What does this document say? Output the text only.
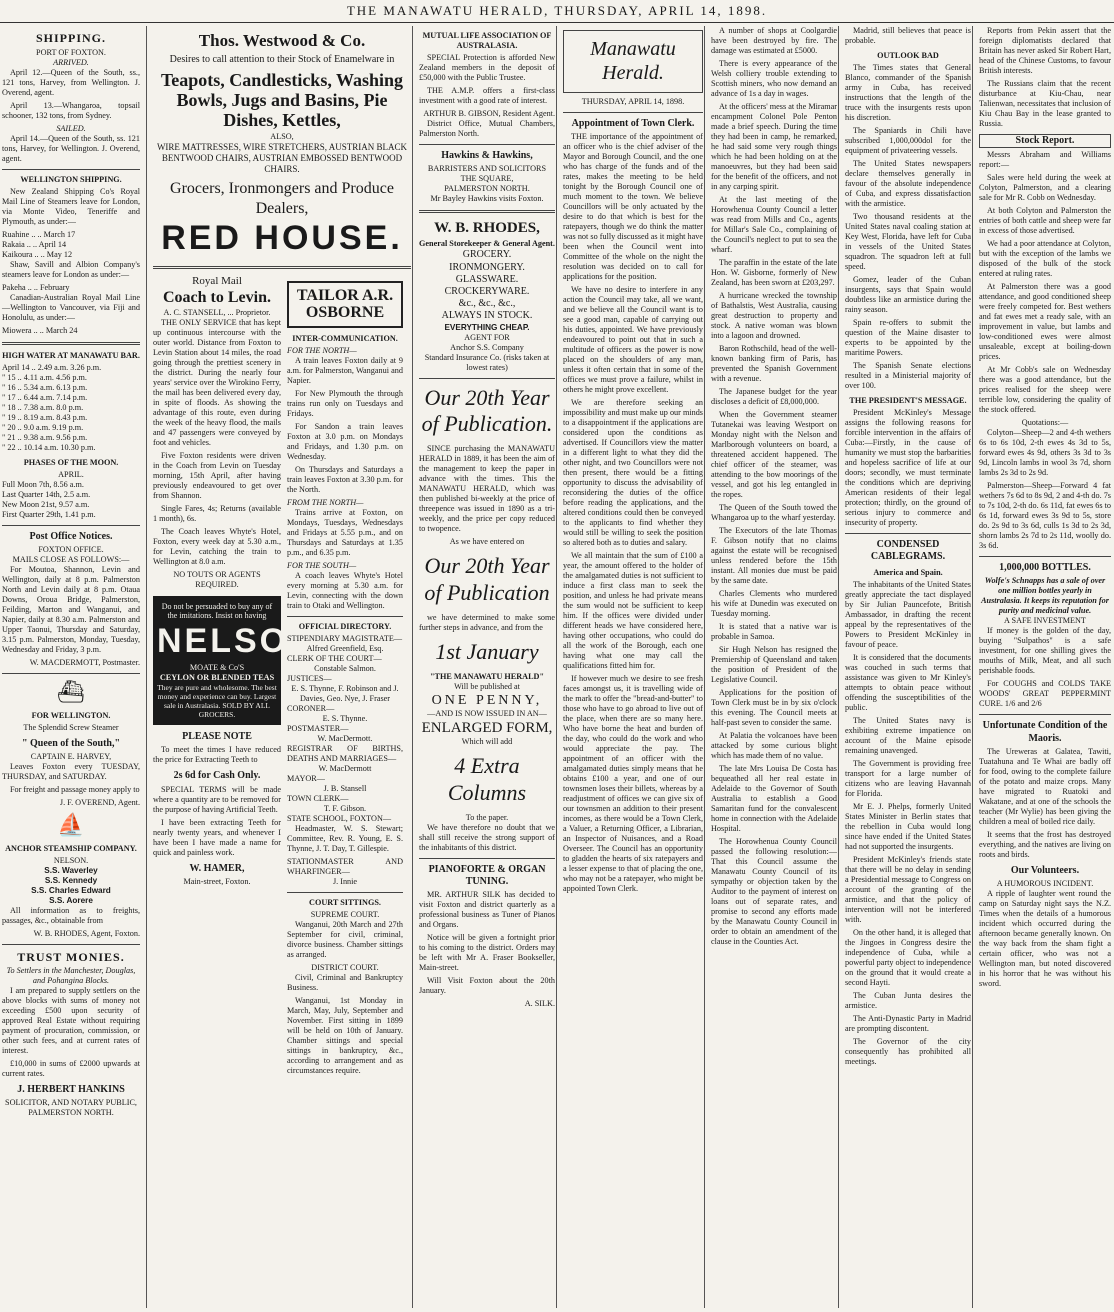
THE MANAWATU HERALD, THURSDAY, APRIL 14, 1898.
SHIPPING.
PORT OF FOXTON.
ARRIVED.
April 12.—Queen of the South, ss., 121 tons, Harvey, from Wellington. J. Overend, agent.
April 13.—Whangaroa, topsail schooner, 132 tons, from Sydney.
SAILED.
April 14.—Queen of the South, ss. 121 tons, Harvey, for Wellington. J. Overend, agent.
WELLINGTON SHIPPING.
New Zealand Shipping Co's Royal Mail Line of Steamers leave for London, via Monte Video, Teneriffe and Plymouth, as under:—
Ruahine .. .. March 17
Rakaia .. .. April 14
Kaikoura .. .. May 12
Shaw, Savill and Albion Company's steamers leave for London as under:—
Pakeha .. .. February
Canadian-Australian Royal Mail Line—Wellington to Vancouver, via Fiji and Honolulu, as under:—
Miowera .. .. March 24
HIGH WATER AT MANAWATU BAR.
April 14 .. 2.49 a.m. 3.26 p.m.
" 15 .. 4.11 a.m. 4.56 p.m.
" 16 .. 5.34 a.m. 6.13 p.m.
" 17 .. 6.44 a.m. 7.14 p.m.
" 18 .. 7.38 a.m. 8.0 p.m.
" 19 .. 8.19 a.m. 8.43 p.m.
" 20 .. 9.0 a.m. 9.19 p.m.
" 21 .. 9.38 a.m. 9.56 p.m.
" 22 .. 10.14 a.m. 10.30 p.m.
PHASES OF THE MOON.
APRIL.
Full Moon 7th, 8.56 a.m.
Last Quarter 14th, 2.5 a.m.
New Moon 21st, 9.57 a.m.
First Quarter 29th, 1.41 p.m.
Post Office Notices.
FOXTON OFFICE.
MAILS CLOSE AS FOLLOWS:—
For Moutoa, Shannon, Levin and Wellington, daily at 8 p.m. Palmerston North and Levin daily at 8 p.m. Otaua Downs, Oroua Bridge, Palmerston, Feilding, Marton and Wanganui, and Napier, daily at 8.30 a.m. Palmerston and Upper Taonui, Thursday and Saturday, 3.15 p.m. Palmerston, Monday, Tuesday, Wednesday and Friday, 3 p.m.
W. MACDERMOTT, Postmaster.
⛴
FOR WELLINGTON.
The Splendid Screw Steamer
" Queen of the South,"
CAPTAIN E. HARVEY,
Leaves Foxton every TUESDAY, THURSDAY, and SATURDAY.
For freight and passage money apply to
J. F. OVEREND, Agent.
⛵
ANCHOR STEAMSHIP COMPANY.
NELSON.
S.S. Waverley
S.S. Kennedy
S.S. Charles Edward
S.S. Aorere
All information as to freights, passages, &c., obtainable from
W. B. RHODES, Agent, Foxton.
TRUST MONIES.
To Settlers in the Manchester, Douglas, and Pohangina Blocks.
I am prepared to supply settlers on the above blocks with sums of money not exceeding £500 upon security of approved Real Estate without requiring payment of procuration, commission, or other such fees, and at current rates of interest.
£10,000 in sums of £2000 upwards at current rates.
J. HERBERT HANKINS
SOLICITOR, AND NOTARY PUBLIC, PALMERSTON NORTH.
Thos. Westwood & Co.
Desires to call attention to their Stock of Enamelware in
Teapots, Candlesticks, Washing Bowls, Jugs and Basins, Pie Dishes, Kettles,
ALSO,
WIRE MATTRESSES, WIRE STRETCHERS, AUSTRIAN BLACK BENTWOOD CHAIRS, AUSTRIAN EMBOSSED BENTWOOD CHAIRS.
Grocers, Ironmongers and Produce Dealers,
RED HOUSE.
Royal Mail
Coach to Levin.
A. C. STANSELL, ... Proprietor.
THE ONLY SERVICE that has kept up continuous intercourse with the outer world. Distance from Foxton to Levin Station about 14 miles, the road going through the prettiest scenery in the district. During the nearly four years' service over the Wirokino Ferry, the mail has been delivered every day, in spite of floods. As showing the advantage of this route, even during the week of the heavy flood, the mails and 47 passengers were conveyed by foot and vehicles.
Five Foxton residents were driven in the Coach from Levin on Tuesday morning, 15th April, after having previously endeavoured to get over from Shannon.
Single Fares, 4s; Returns (available 1 month), 6s.
The Coach leaves Whyte's Hotel, Foxton, every week day at 5.30 a.m., for Levin, catching the train to Wellington at 8.0 a.m.
NO TOUTS OR AGENTS REQUIRED.
Do not be persuaded to buy any of the imitations. Insist on having
NELSON
MOATE & Co'S
CEYLON OR BLENDED TEAS
They are pure and wholesome. The best money and experience can buy. Largest sale in Australasia. SOLD BY ALL GROCERS.
PLEASE NOTE
To meet the times I have reduced the price for Extracting Teeth to
2s 6d for Cash Only.
SPECIAL TERMS will be made where a quantity are to be removed for the purpose of having Artificial Teeth.
I have been extracting Teeth for nearly twenty years, and whenever I have been I have made a name for quick and painless work.
W. HAMER,
Main-street, Foxton.
TAILOR A.R. OSBORNE
INTER-COMMUNICATION.
FOR THE NORTH—
A train leaves Foxton daily at 9 a.m. for Palmerston, Wanganui and Napier.
For New Plymouth the through trains run only on Tuesdays and Fridays.
For Sandon a train leaves Foxton at 3.0 p.m. on Mondays and Fridays, and 1.30 p.m. on Wednesday.
On Thursdays and Saturdays a train leaves Foxton at 3.30 p.m. for the North.
FROM THE NORTH—
Trains arrive at Foxton, on Mondays, Tuesdays, Wednesdays and Fridays at 5.55 p.m., and on Thursdays and Saturdays at 1.35 p.m., and 6.35 p.m.
FOR THE SOUTH—
A coach leaves Whyte's Hotel every morning at 5.30 a.m. for Levin, connecting with the down train to Otaki and Wellington.
OFFICIAL DIRECTORY.
STIPENDIARY MAGISTRATE—
Alfred Greenfield, Esq.
CLERK OF THE COURT—
Constable Salmon.
JUSTICES—
E. S. Thynne, F. Robinson and J. Davies, Geo. Nye, J. Fraser
CORONER—
E. S. Thynne.
POSTMASTER—
W. MacDermott.
REGISTRAR OF BIRTHS, DEATHS AND MARRIAGES—
W. MacDermott
MAYOR—
J. B. Stansell
TOWN CLERK—
T. F. Gibson.
STATE SCHOOL, FOXTON—
Headmaster, W. S. Stewart; Committee, Rev. R. Young, E. S. Thynne, J. T. Day, T. Gillespie.
STATIONMASTER AND WHARFINGER—
J. Innie
COURT SITTINGS.
SUPREME COURT.
Wanganui, 20th March and 27th September for civil, criminal, divorce business. Chamber sittings as arranged.
DISTRICT COURT.
Civil, Criminal and Bankruptcy Business.
Wanganui, 1st Monday in March, May, July, September and November. First sitting in 1899 will be held on 10th of January. Chamber sittings and special sittings in bankruptcy, &c., according to arrangement and as circumstances require.
MUTUAL LIFE ASSOCIATION OF AUSTRALASIA.
SPECIAL Protection is afforded New Zealand members in the deposit of £50,000 with the Public Trustee.
THE A.M.P. offers a first-class investment with a good rate of interest.
ARTHUR B. GIBSON, Resident Agent.
District Office, Mutual Chambers, Palmerston North.
Hawkins & Hawkins,
BARRISTERS AND SOLICITORS
THE SQUARE,
PALMERSTON NORTH.
Mr Bayley Hawkins visits Foxton.
W. B. RHODES,
General Storekeeper & General Agent.
GROCERY.
IRONMONGERY.
GLASSWARE.
CROCKERYWARE.
&c., &c., &c.,
ALWAYS IN STOCK.
EVERYTHING CHEAP.
AGENT FOR
Anchor S.S. Company
Standard Insurance Co. (risks taken at lowest rates)
Our 20th Year of Publication.
SINCE purchasing the MANAWATU HERALD in 1889, it has been the aim of the management to keep the paper in advance with the times. This the MANAWATU HERALD, which was then published bi-weekly at the price of threepence was issued in 1890 as a tri-weekly, and the price per copy reduced to twopence.
As we have entered on
Our 20th Year of Publication
we have determined to make some further steps in advance, and from the
1st January
"THE MANAWATU HERALD"
Will be published at
ONE PENNY,
—AND IS NOW ISSUED IN AN—
ENLARGED FORM,
Which will add
4 Extra Columns
To the paper.
We have therefore no doubt that we shall still receive the strong support of the inhabitants of this district.
PIANOFORTE & ORGAN TUNING.
MR. ARTHUR SILK has decided to visit Foxton and district quarterly as a professional business as Tuner of Pianos and Organs.
Notice will be given a fortnight prior to his coming to the district. Orders may be left with Mr A. Fraser Bookseller, Main-street.
Will Visit Foxton about the 20th January.
A. SILK.
Manawatu Herald.
THURSDAY, APRIL 14, 1898.
Appointment of Town Clerk.
THE importance of the appointment of an officer who is the chief adviser of the Mayor and Borough Council, and the one who has charge of the funds and of the rates, makes the meeting to be held tonight by the Borough Council one of much moment to the town. We believe Councillors will be only actuated by the desire to do that which is best for the ratepayers, though we do think the matter was not so fully discussed as it might have been when the Council went into Committee of the whole on the night the resolution was decided on to call for applications for the position.
We have no desire to interfere in any action the Council may take, all we want, and we believe all the Council want is to see a good man, capable of carrying out his duties, appointed. We have previously endeavoured to point out that in such a multitude of officers as the power is now placed on the shoulders of any man, unless it often certain that in some of the offices we must prove a failure, whilst in others he might prove excellent.
We are therefore seeking an impossibility and must make up our minds to a disappointment if the applications are considered upon the conditions as advertised. If Councillors view the matter in a different light to what they did the other night, and two Councillors were not then present, there would be a fitting opportunity to discuss the advisability of reconsidering the duties of the office before reading the applications, and the altered conditions could then be conveyed to the applicants to find whether they would still be willing to seek the position so altered both as to duties and salary.
We all maintain that the sum of £100 a year, the amount offered to the holder of the amalgamated duties is not sufficient to induce a first class man to seek the position, and unless he had private means the sum would not be sufficient to keep him. If the offices were divided under different heads we have considered here, having other occupations, who could do all the work of the Borough, each one having what one may call the qualifications fitted him for.
If however much we desire to see fresh faces amongst us, it is travelling wide of the mark to offer the "bread-and-butter" to those who have to go abroad to live out of the place, when there are so many here. Who have borne the heat and burden of the day, who could do the work and who would appreciate the pay. The appointment of an officer with the amalgamated duties simply means that he obtains £100 a year, and one of our townsmen loses their billets, whereas by a readjustment of offices we can give six of our townsmen an addition to their present incomes, as there would be a Town Clerk, a Valuer, a Returning Officer, a Librarian, an Inspector of Nuisances, and a Road Overseer. The Council has an opportunity to gladden the hearts of six ratepayers and a lesser expense to that of placing the one, who may not be a ratepayer, who might be appointed Town Clerk.
A number of shops at Coolgardie have been destroyed by fire. The damage was estimated at £5000.
There is every appearance of the Welsh colliery trouble extending to Scottish miners, who now demand an advance of 1s a day in wages.
At the officers' mess at the Miramar encampment Colonel Pole Penton made a brief speech. During the time they had been in camp, he remarked, he had said some very rough things which he had been holding on at the manoeuvres, but they had been said for the benefit of the officers, and not in any carping spirit.
At the last meeting of the Horowhenua County Council a letter was read from Mills and Co., agents for Millar's Sale Co., complaining of the Council's neglect to put to sea the wharf.
The paraffin in the estate of the late Hon. W. Gisborne, formerly of New Zealand, has been sworn at £203,297.
A hurricane wrecked the township of Bathalstis, West Australia, causing great destruction to property and stock. A native woman was blown into a lagoon and drowned.
Baron Rothschild, head of the well-known banking firm of Paris, has prevented the Spanish Government with a revenue.
The Japanese budget for the year discloses a deficit of £8,000,000.
When the Government steamer Tutanekai was leaving Westport on Monday night with the Nelson and Marlborough volunteers on board, a threatened accident happened. The chief officer of the steamer, was attending to the bow moorings of the vessel, and got his leg entangled in the ropes.
The Queen of the South towed the Whangaroa up to the wharf yesterday.
The Executors of the late Thomas F. Gibson notify that no claims against the estate will be recognised unless rendered before the 15th instant. All monies due must be paid by the same date.
Charles Clements who murdered his wife at Dunedin was executed on Tuesday morning.
It is stated that a native war is probable in Samoa.
Sir Hugh Nelson has resigned the Premiership of Queensland and taken the position of President of the Legislative Council.
Applications for the position of Town Clerk must be in by six o'clock this evening. The Council meets at half-past seven to consider the same.
At Palatia the volcanoes have been attacked by some curious blight which has made them of no value.
The late Mrs Louisa De Costa has bequeathed all her real estate in Adelaide to the Governor of South Australia to establish a Good Samaritan fund for the convalescent home in connection with the Adelaide Hospital.
The Horowhenua County Council passed the following resolution:—That this Council assume the Manawatu County Council of its sympathy or objection taken by the Auditor to the payment of interest on loans out of separate rates, and promise to second any efforts made by the Manawatu County Council in order to obtain an amendment of the clause in the Counties Act.
Madrid, still believes that peace is probable.
OUTLOOK BAD
The Times states that General Blanco, commander of the Spanish army in Cuba, has received instructions that the length of the truce with the insurgents rests upon his discretion.
The Spaniards in Chili have subscribed 1,000,000dol for the equipment of privateering vessels.
The United States newspapers declare themselves generally in favour of the absolute independence of Cuba, and express dissatisfaction with the armistice.
Two thousand residents at the United States naval coaling station at Key West, Florida, have left for Cuba in vessels of the United States squadron. The squadron left at full speed.
Gomez, leader of the Cuban insurgents, says that Spain would doubtless like an armistice during the rainy season.
Spain re-offers to submit the question of the Maine disaster to experts to be appointed by the maritime Powers.
The Spanish Senate elections resulted in a Ministerial majority of over 100.
THE PRESIDENT'S MESSAGE.
President McKinley's Message assigns the following reasons for forcible intervention in the affairs of Cuba:—Firstly, in the cause of humanity we must stop the barbarities and hopeless sacrifice of life at our doors; secondly, we must terminate the conditions which are depriving American residents of their legal protection; thirdly, on the ground of serious injury to commerce and insecurity of property.
CONDENSED CABLEGRAMS.
America and Spain.
The inhabitants of the United States greatly appreciate the tact displayed by Sir Julian Pauncefote, British Ambassador, in drafting the recent appeal by the representatives of the Powers to President McKinley in favour of peace.
It is considered that the documents was couched in such terms that assistance was given to Mr Kinley's attempts to obtain peace without offending the susceptibilities of the public.
The United States navy is exhibiting extreme impatience on account of the Maine episode remaining unavenged.
The Government is providing free transport for a large number of citizens who are leaving Havannah for Florida.
Mr E. J. Phelps, formerly United States Minister in Berlin states that the rebellion in Cuba would long since have ended if the United States had not supported the insurgents.
President McKinley's friends state that there will be no delay in sending a Presidential message to Congress on account of the granting of the armistice, and that the policy of intervention will not be interfered with.
On the other hand, it is alleged that the Jingoes in Congress desire the independence of Cuba, while a powerful party object to independence on the ground that it would create a second Hayti.
The Cuban Junta desires the armistice.
The Anti-Dynastic Party in Madrid are prompting discontent.
The Governor of the city consequently has prohibited all meetings.
Reports from Pekin assert that the foreign diplomatists declared that Britain has never asked Sir Robert Hart, head of the Chinese Customs, to favour British interests.
The Russians claim that the recent disturbance at Kiu-Chau, near Talienwan, necessitates that inclusion of Kiu Chau Bay in the lease granted to Russia.
Stock Report.
Messrs Abraham and Williams report:—
Sales were held during the week at Colyton, Palmerston, and a clearing sale for Mr R. Cobb on Wednesday.
At both Colyton and Palmerston the entries of both cattle and sheep were far in excess of those advertised.
We had a poor attendance at Colyton, but with the exception of the lambs we disposed of the bulk of the stock entered at ruling rates.
At Palmerston there was a good attendance, and good conditioned sheep were freely competed for. Best wethers and fat ewes met a ready sale, with an improvement in value, but lambs and low-conditioned ewes were almost unsaleable, except at boiling-down prices.
At Mr Cobb's sale on Wednesday there was a good attendance, but the prices realised for the sheep were terrible low, considering the quality of the stock offered.
Quotations:—
Colyton—Sheep—2 and 4-th wethers 6s to 6s 10d, 2-th ewes 4s 3d to 5s, forward ewes 4s 9d, others 3s 3d to 3s 9d, Lincoln lambs in wool 3s 7d, shorn lambs 2s 3d to 2s 9d.
Palmerston—Sheep—Forward 4 fat wethers 7s 6d to 8s 9d, 2 and 4-th do. 7s to 7s 10d, 2-th do. 6s 11d, fat ewes 6s to 6s 1d, forward ewes 3s 9d to 5s, store do. 2s 9d to 3s 6d, culls 1s 3d to 2s 3d, shorn lambs 2s 7d to 2s 11d, woolly do. 3s 6d.
1,000,000 BOTTLES.
Wolfe's Schnapps has a sale of over one million bottles yearly in Australasia. It keeps its reputation for purity and medicinal value.
A SAFE INVESTMENT
If money is the golden of the day, buying "Sulpathos" is a safe investment, for one shilling gives the mouths of Milk, Meat, and all such perishable foods.
For COUGHS and COLDS TAKE WOODS' GREAT PEPPERMINT CURE. 1/6 and 2/6
Unfortunate Condition of the Maoris.
The Ureweras at Galatea, Tawiti, Tuatahuna and Te Whai are badly off for food, owing to the complete failure of the potato and maize crops. Many have migrated to Ruatoki and Wakatane, and at one of the schools the teacher (Mr Wylie) has been giving the children a meal of boiled rice daily.
It seems that the frost has destroyed everything, and the natives are living on roots and birds.
Our Volunteers.
A HUMOROUS INCIDENT.
A ripple of laughter went round the camp on Saturday night says the N.Z. Times when the details of a humorous incident which occurred during the afternoon became generally known. On the way back from the sham fight a certain officer, who was not a Wellington man, but noted discovered in his horror that he was without his sword.
